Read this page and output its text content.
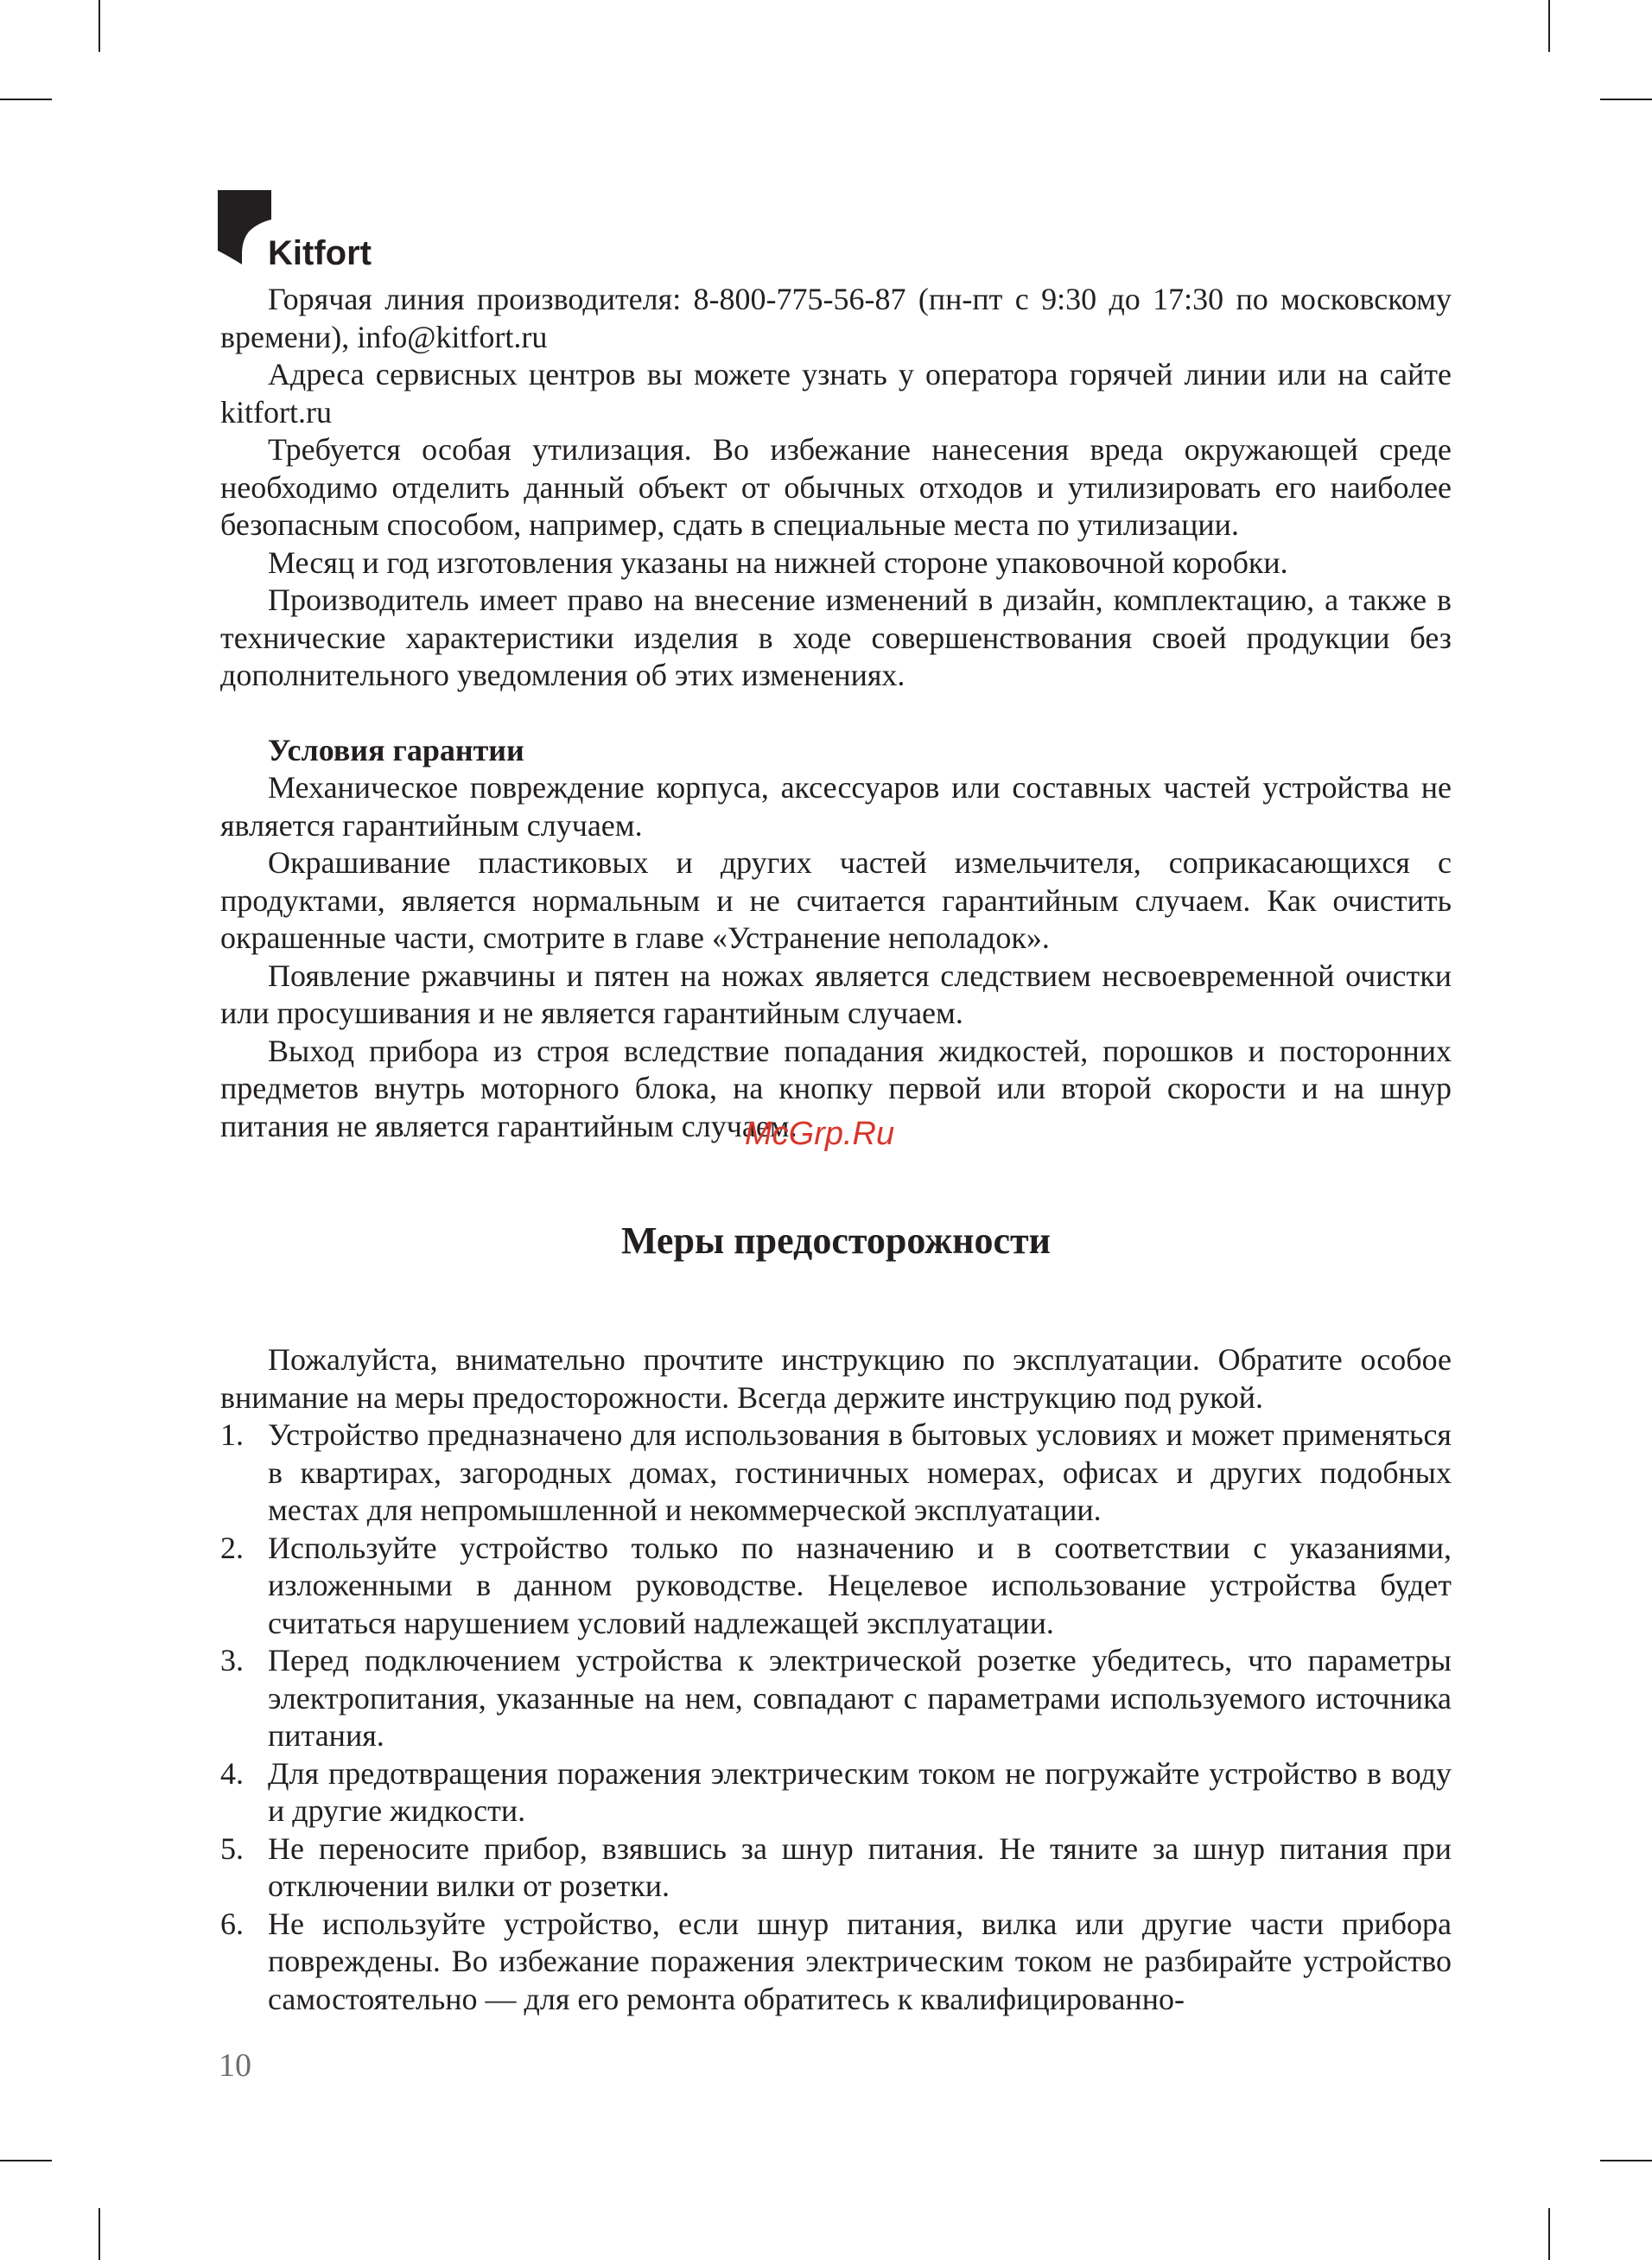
Kitfort

Горячая линия производителя: 8-800-775-56-87 (пн-пт с 9:30 до 17:30 по московскому времени), info@kitfort.ru

Адреса сервисных центров вы можете узнать у оператора горячей линии или на сайте kitfort.ru

Требуется особая утилизация. Во избежание нанесения вреда окружающей среде необходимо отделить данный объект от обычных отходов и утилизировать его наиболее безопасным способом, например, сдать в специальные места по утилизации.

Месяц и год изготовления указаны на нижней стороне упаковочной коробки.

Производитель имеет право на внесение изменений в дизайн, комплектацию, а также в технические характеристики изделия в ходе совершенствования своей продукции без дополнительного уведомления об этих изменениях.

Условия гарантии

Механическое повреждение корпуса, аксессуаров или составных частей устройства не является гарантийным случаем.

Окрашивание пластиковых и других частей измельчителя, соприкасающихся с продуктами, является нормальным и не считается гарантийным случаем. Как очистить окрашенные части, смотрите в главе «Устранение неполадок».

Появление ржавчины и пятен на ножах является следствием несвоевременной очистки или просушивания и не является гарантийным случаем.

Выход прибора из строя вследствие попадания жидкостей, порошков и посторонних предметов внутрь моторного блока, на кнопку первой или второй скорости и на шнур питания не является гарантийным случаем.

Меры предосторожности

Пожалуйста, внимательно прочтите инструкцию по эксплуатации. Обратите особое внимание на меры предосторожности. Всегда держите инструкцию под рукой.

1. Устройство предназначено для использования в бытовых условиях и может применяться в квартирах, загородных домах, гостиничных номерах, офисах и других подобных местах для непромышленной и некоммерческой эксплуатации.
2. Используйте устройство только по назначению и в соответствии с указаниями, изложенными в данном руководстве. Нецелевое использование устройства будет считаться нарушением условий надлежащей эксплуатации.
3. Перед подключением устройства к электрической розетке убедитесь, что параметры электропитания, указанные на нем, совпадают с параметрами используемого источника питания.
4. Для предотвращения поражения электрическим током не погружайте устройство в воду и другие жидкости.
5. Не переносите прибор, взявшись за шнур питания. Не тяните за шнур питания при отключении вилки от розетки.
6. Не используйте устройство, если шнур питания, вилка или другие части прибора повреждены. Во избежание поражения электрическим током не разбирайте устройство самостоятельно — для его ремонта обратитесь к квалифицированно-
McGrp.Ru
10
